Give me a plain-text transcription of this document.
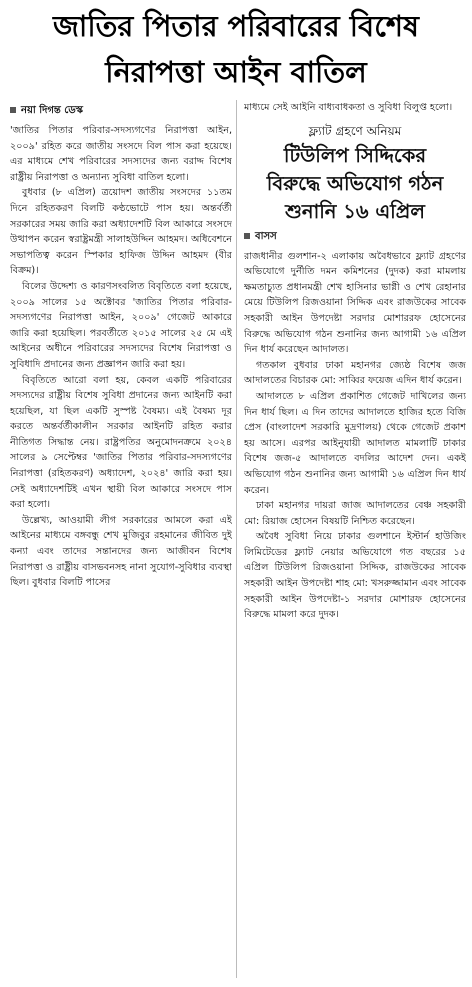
জাতির পিতার পরিবারের বিশেষ
নিরাপত্তা আইন বাতিল
নয়া দিগন্ত ডেস্ক

'জাতির পিতার পরিবার-সদস্যগণের নিরাপত্তা আইন, ২০০৯' রহিত করে জাতীয় সংসদে বিল পাস করা হয়েছে। এর মাধ্যমে শেখ পরিবারের সদস্যদের জন্য বরাদ্দ বিশেষ রাষ্ট্রীয় নিরাপত্তা ও অন্যান্য সুবিধা বাতিল হলো।

বুধবার (৮ এপ্রিল) ত্রয়োদশ জাতীয় সংসদের ১১তম দিনে রহিতকরণ বিলটি কণ্ঠভোটে পাস হয়। অন্তর্বর্তী সরকারের সময় জারি করা অধ্যাদেশটি বিল আকারে সংসদে উত্থাপন করেন স্বরাষ্ট্রমন্ত্রী সালাহউদ্দিন আহমদ। অধিবেশনে সভাপতিত্ব করেন স্পিকার হাফিজ উদ্দিন আহমদ (বীর বিক্রম)।

বিলের উদ্দেশ্য ও কারণসংবলিত বিবৃতিতে বলা হয়েছে, ২০০৯ সালের ১৫ অক্টোবর 'জাতির পিতার পরিবার-সদস্যগণের নিরাপত্তা আইন, ২০০৯' গেজেট আকারে জারি করা হয়েছিল। পরবর্তীতে ২০১৫ সালের ২৫ মে এই আইনের অধীনে পরিবারের সদস্যদের বিশেষ নিরাপত্তা ও সুবিধাদি প্রদানের জন্য প্রজ্ঞাপন জারি করা হয়।

বিবৃতিতে আরো বলা হয়, কেবল একটি পরিবারের সদস্যদের রাষ্ট্রীয় বিশেষ সুবিধা প্রদানের জন্য আইনটি করা হয়েছিল, যা ছিল একটি সুস্পষ্ট বৈষম্য। এই বৈষম্য দূর করতে অন্তর্বর্তীকালীন সরকার আইনটি রহিত করার নীতিগত সিদ্ধান্ত নেয়। রাষ্ট্রপতির অনুমোদনক্রমে ২০২৪ সালের ৯ সেপ্টেম্বর 'জাতির পিতার পরিবার-সদস্যগণের নিরাপত্তা (রহিতকরণ) অধ্যাদেশ, ২০২৪' জারি করা হয়। সেই অধ্যাদেশটিই এখন স্থায়ী বিল আকারে সংসদে পাস করা হলো।

উল্লেখ্য, আওয়ামী লীগ সরকারের আমলে করা এই আইনের মাধ্যমে বঙ্গবন্ধু শেখ মুজিবুর রহমানের জীবিত দুই কন্যা এবং তাদের সন্তানদের জন্য আজীবন বিশেষ নিরাপত্তা ও রাষ্ট্রীয় বাসভবনসহ নানা সুযোগ-সুবিধার ব্যবস্থা ছিল। বুধবার বিলটি পাসের

মাধ্যমে সেই আইনি বাধ্যবাধকতা ও সুবিধা বিলুপ্ত হলো।

ফ্ল্যাট গ্রহণে অনিয়ম
টিউলিপ সিদ্দিকের
বিরুদ্ধে অভিযোগ গঠন
শুনানি ১৬ এপ্রিল
বাসস

রাজধানীর গুলশান-২ এলাকায় অবৈধভাবে ফ্ল্যাট গ্রহণের অভিযোগে দুর্নীতি দমন কমিশনের (দুদক) করা মামলায় ক্ষমতাচ্যুত প্রধানমন্ত্রী শেখ হাসিনার ভাগ্নী ও শেখ রেহানার মেয়ে টিউলিপ রিজওয়ানা সিদ্দিক এবং রাজউকের সাবেক সহকারী আইন উপদেষ্টা সরদার মোশাররফ হোসেনের বিরুদ্ধে অভিযোগ গঠন শুনানির জন্য আগামী ১৬ এপ্রিল দিন ধার্য করেছেন আদালত।

গতকাল বুধবার ঢাকা মহানগর জ্যেষ্ঠ বিশেষ জজ আদালতের বিচারক মো: সাব্বির ফয়েজ এদিন ধার্য করেন।

আদালতে ৮ এপ্রিল প্রকাশিত গেজেট দাখিলের জন্য দিন ধার্য ছিল। এ দিন তাদের আদালতে হাজির হতে বিজি প্রেস (বাংলাদেশ সরকারি মুদ্রণালয়) থেকে গেজেট প্রকাশ হয় আসে। এরপর আইনুযায়ী আদালত মামলাটি ঢাকার বিশেষ জজ-৫ আদালতে বদলির আদেশ দেন। একই অভিযোগ গঠন শুনানির জন্য আগামী ১৬ এপ্রিল দিন ধার্য করেন।

ঢাকা মহানগর দায়রা জাজ আদালতের বেঞ্চ সহকারী মো: রিয়াজ হোসেন বিষয়টি নিশ্চিত করেছেন।

অবৈধ সুবিধা নিয়ে ঢাকার গুলশানে ইস্টার্ন হাউজিং লিমিটেডের ফ্ল্যাট নেয়ার অভিযোগে গত বছরের ১৫ এপ্রিল টিউলিপ রিজওয়ানা সিদ্দিক, রাজউকের সাবেক সহকারী আইন উপদেষ্টা শাহ মো: খসরুজ্জামান এবং সাবেক সহকারী আইন উপদেষ্টা-১ সরদার মোশারফ হোসেনের বিরুদ্ধে মামলা করে দুদক।
